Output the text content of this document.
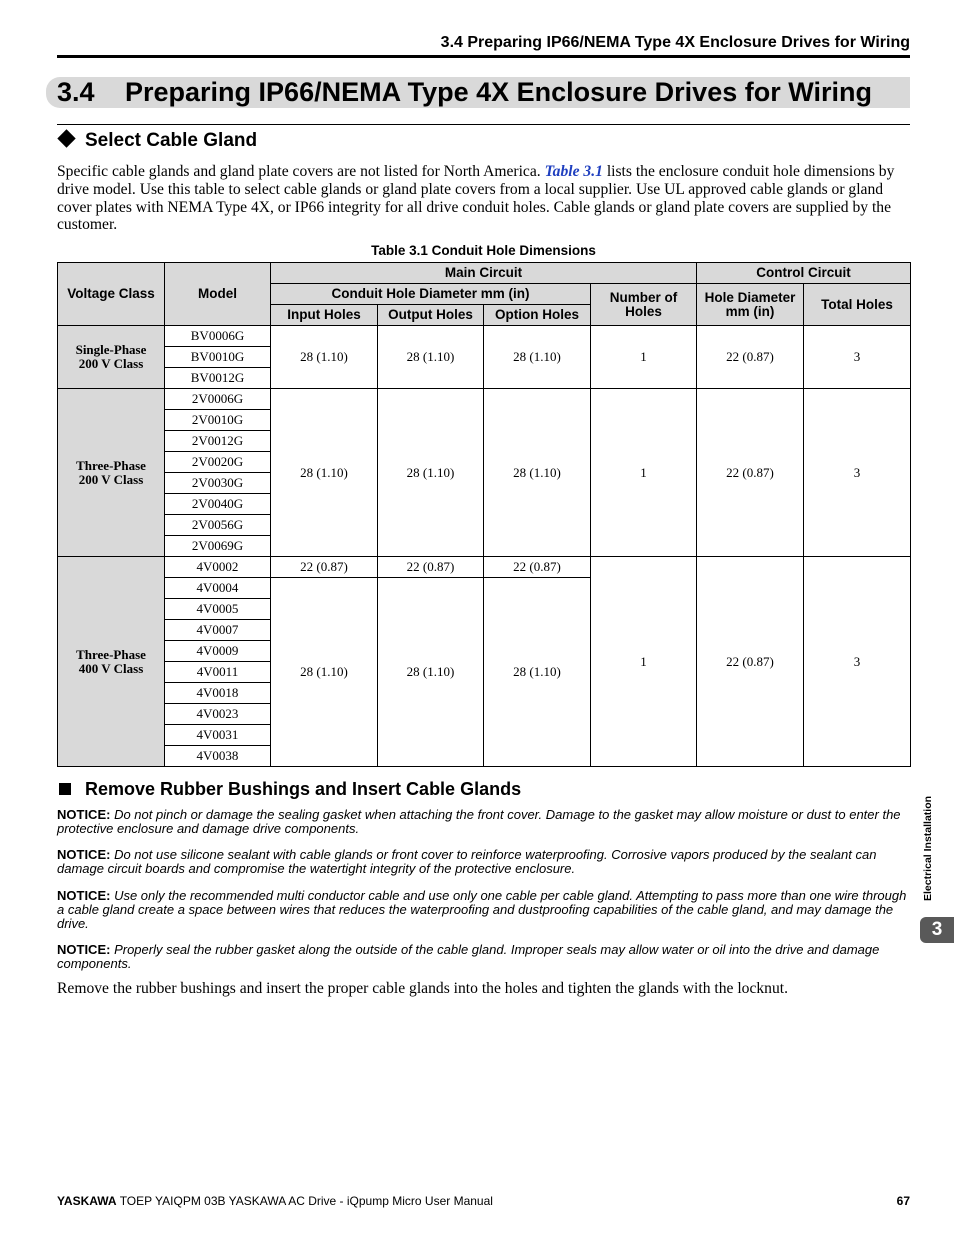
3.4 Preparing IP66/NEMA Type 4X Enclosure Drives for Wiring
3.4 Preparing IP66/NEMA Type 4X Enclosure Drives for Wiring
Select Cable Gland
Specific cable glands and gland plate covers are not listed for North America. Table 3.1 lists the enclosure conduit hole dimensions by drive model. Use this table to select cable glands or gland plate covers from a local supplier. Use UL approved cable glands or gland cover plates with NEMA Type 4X, or IP66 integrity for all drive conduit holes. Cable glands or gland plate covers are supplied by the customer.
Table 3.1 Conduit Hole Dimensions
Voltage Class	Model	Main Circuit				Control Circuit	
		Conduit Hole Diameter mm (in)			Number of Holes	Hole Diameter mm (in)	Total Holes
		Input Holes	Output Holes	Option Holes			

Single-Phase
200 V Class	BV0006G	28 (1.10)	28 (1.10)	28 (1.10)	1	22 (0.87)	3
	BV0010G						
	BV0012G						

Three-Phase
200 V Class	2V0006G	28 (1.10)	28 (1.10)	28 (1.10)	1	22 (0.87)	3
	2V0010G						
	2V0012G						
	2V0020G						
	2V0030G						
	2V0040G						
	2V0056G						
	2V0069G						

Three-Phase
400 V Class	4V0002	22 (0.87)	22 (0.87)	22 (0.87)	1	22 (0.87)	3
	4V0004	28 (1.10)	28 (1.10)	28 (1.10)			
	4V0005						
	4V0007						
	4V0009						
	4V0011						
	4V0018						
	4V0023						
	4V0031						
	4V0038						
Remove Rubber Bushings and Insert Cable Glands
NOTICE: Do not pinch or damage the sealing gasket when attaching the front cover. Damage to the gasket may allow moisture or dust to enter the protective enclosure and damage drive components.
NOTICE: Do not use silicone sealant with cable glands or front cover to reinforce waterproofing. Corrosive vapors produced by the sealant can damage circuit boards and compromise the watertight integrity of the protective enclosure.
NOTICE: Use only the recommended multi conductor cable and use only one cable per cable gland. Attempting to pass more than one wire through a cable gland create a space between wires that reduces the waterproofing and dustproofing capabilities of the cable gland, and may damage the drive.
NOTICE: Properly seal the rubber gasket along the outside of the cable gland. Improper seals may allow water or oil into the drive and damage components.
Remove the rubber bushings and insert the proper cable glands into the holes and tighten the glands with the locknut.
Electrical Installation
3
YASKAWA TOEP YAIQPM 03B YASKAWA AC Drive - iQpump Micro User Manual	67
